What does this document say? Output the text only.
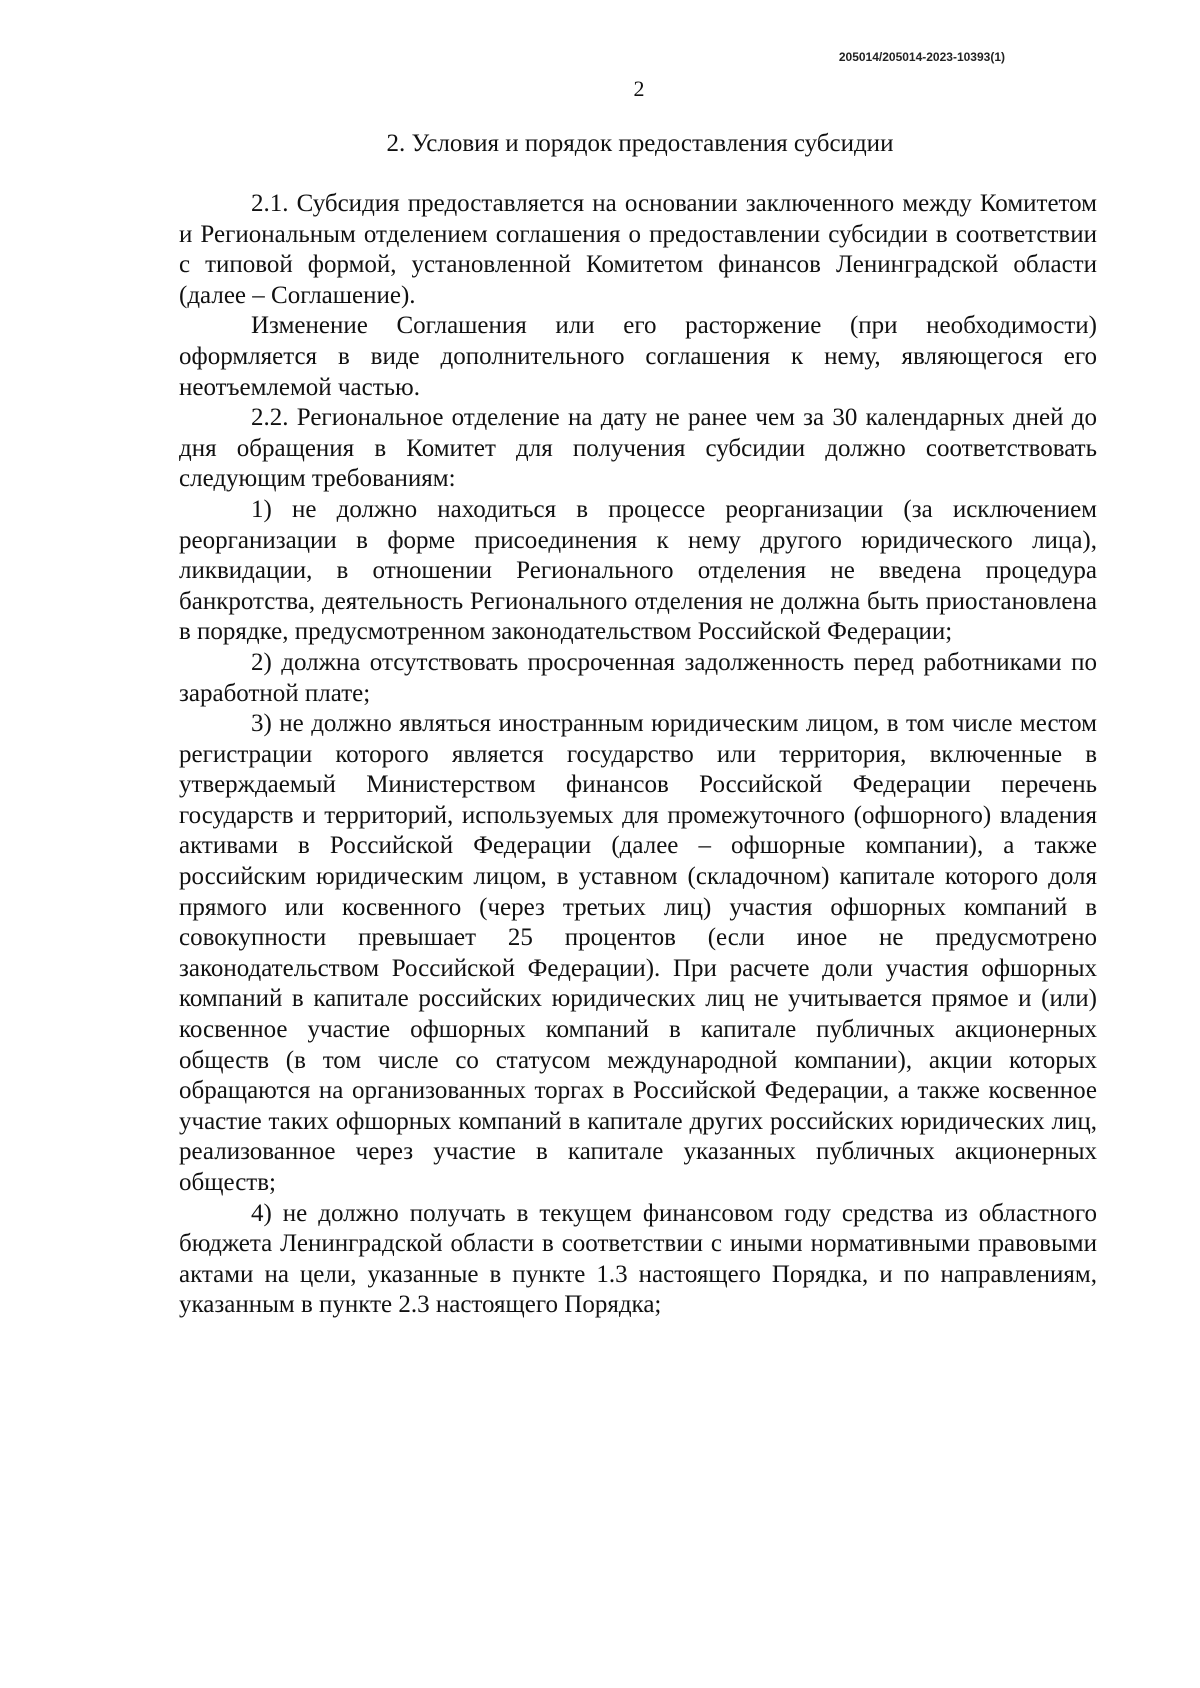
205014/205014-2023-10393(1)
2
2. Условия и порядок предоставления субсидии

2.1. Субсидия предоставляется на основании заключенного между Комитетом и Региональным отделением соглашения о предоставлении субсидии в соответствии с типовой формой, установленной Комитетом финансов Ленинградской области (далее – Соглашение).

Изменение Соглашения или его расторжение (при необходимости) оформляется в виде дополнительного соглашения к нему, являющегося его неотъемлемой частью.

2.2. Региональное отделение на дату не ранее чем за 30 календарных дней до дня обращения в Комитет для получения субсидии должно соответствовать следующим требованиям:

1) не должно находиться в процессе реорганизации (за исключением реорганизации в форме присоединения к нему другого юридического лица), ликвидации, в отношении Регионального отделения не введена процедура банкротства, деятельность Регионального отделения не должна быть приостановлена в порядке, предусмотренном законодательством Российской Федерации;

2) должна отсутствовать просроченная задолженность перед работниками по заработной плате;

3) не должно являться иностранным юридическим лицом, в том числе местом регистрации которого является государство или территория, включенные в утверждаемый Министерством финансов Российской Федерации перечень государств и территорий, используемых для промежуточного (офшорного) владения активами в Российской Федерации (далее – офшорные компании), а также российским юридическим лицом, в уставном (складочном) капитале которого доля прямого или косвенного (через третьих лиц) участия офшорных компаний в совокупности превышает 25 процентов (если иное не предусмотрено законодательством Российской Федерации). При расчете доли участия офшорных компаний в капитале российских юридических лиц не учитывается прямое и (или) косвенное участие офшорных компаний в капитале публичных акционерных обществ (в том числе со статусом международной компании), акции которых обращаются на организованных торгах в Российской Федерации, а также косвенное участие таких офшорных компаний в капитале других российских юридических лиц, реализованное через участие в капитале указанных публичных акционерных обществ;

4) не должно получать в текущем финансовом году средства из областного бюджета Ленинградской области в соответствии с иными нормативными правовыми актами на цели, указанные в пункте 1.3 настоящего Порядка, и по направлениям, указанным в пункте 2.3 настоящего Порядка;
